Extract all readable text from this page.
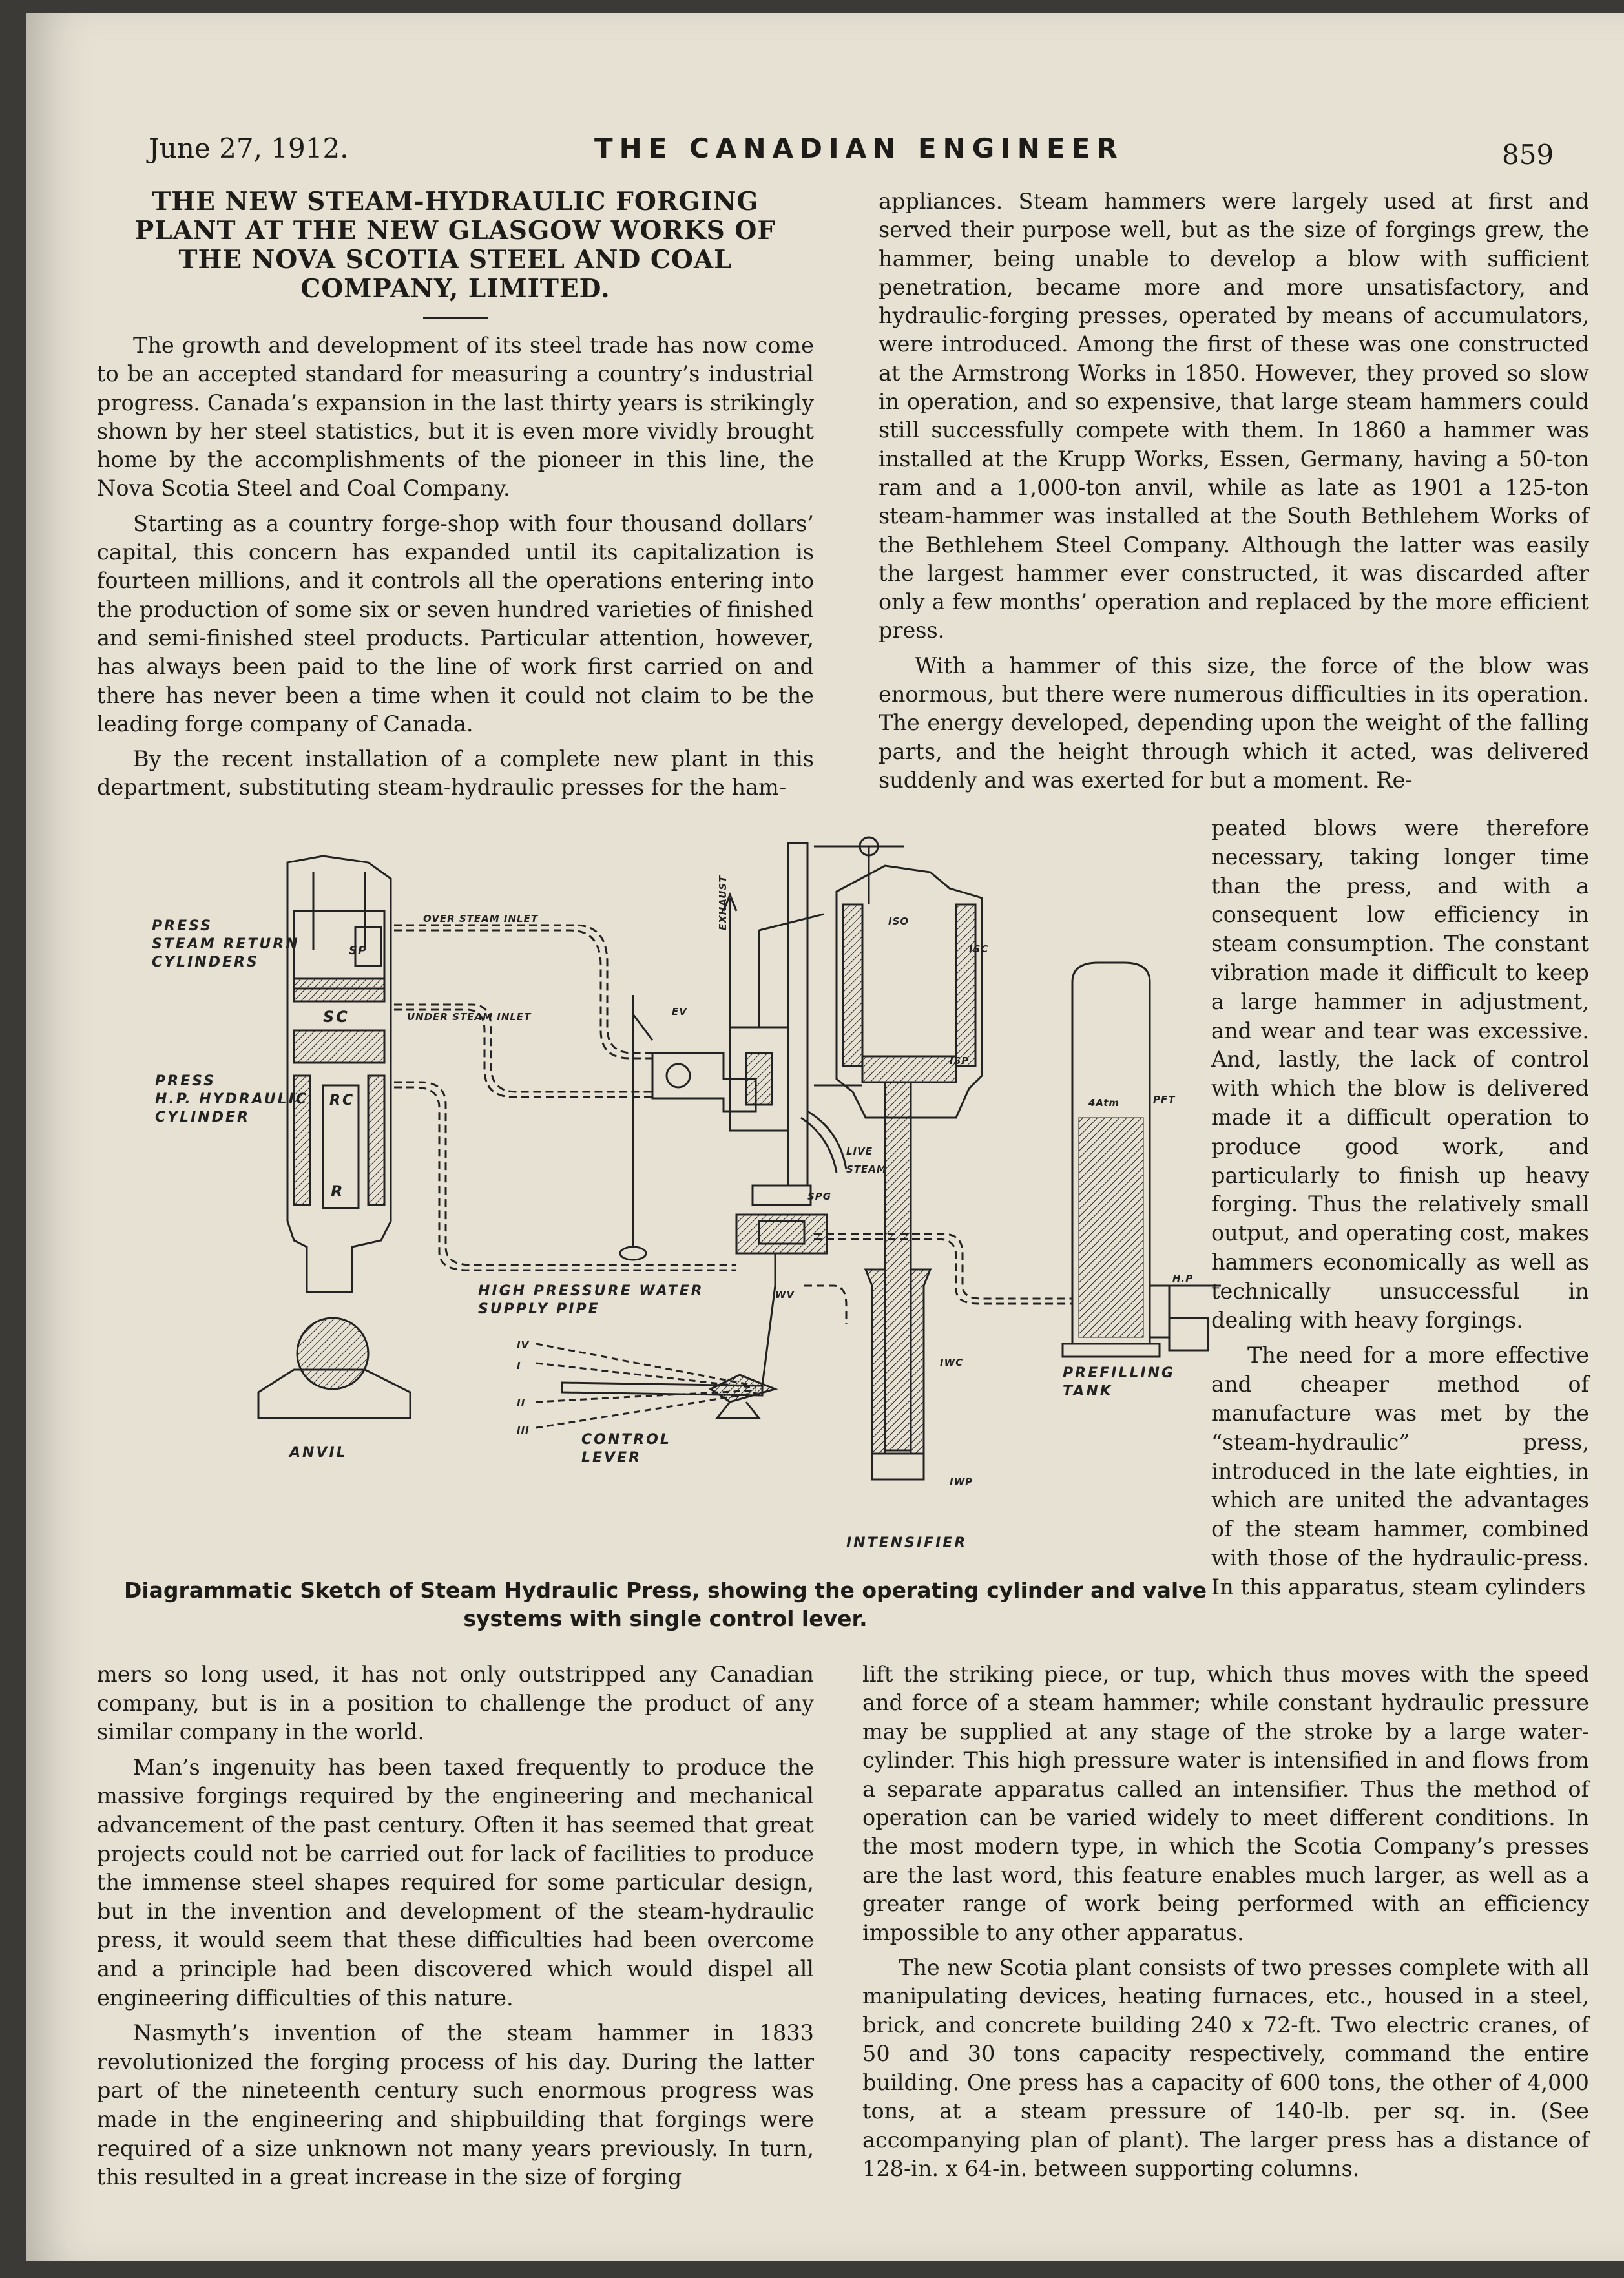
June 27, 1912.	THE CANADIAN ENGINEER	859
THE NEW STEAM-HYDRAULIC FORGING PLANT AT THE NEW GLASGOW WORKS OF THE NOVA SCOTIA STEEL AND COAL COMPANY, LIMITED.

The growth and development of its steel trade has now come to be an accepted standard for measuring a country’s industrial progress. Canada’s expansion in the last thirty years is strikingly shown by her steel statistics, but it is even more vividly brought home by the accomplishments of the pioneer in this line, the Nova Scotia Steel and Coal Company.

Starting as a country forge-shop with four thousand dollars’ capital, this concern has expanded until its capitalization is fourteen millions, and it controls all the operations entering into the production of some six or seven hundred varieties of finished and semi-finished steel products. Particular attention, however, has always been paid to the line of work first carried on and there has never been a time when it could not claim to be the leading forge company of Canada.

By the recent installation of a complete new plant in this department, substituting steam-hydraulic presses for the ham-

appliances. Steam hammers were largely used at first and served their purpose well, but as the size of forgings grew, the hammer, being unable to develop a blow with sufficient penetration, became more and more unsatisfactory, and hydraulic-forging presses, operated by means of accumulators, were introduced. Among the first of these was one constructed at the Armstrong Works in 1850. However, they proved so slow in operation, and so expensive, that large steam hammers could still successfully compete with them. In 1860 a hammer was installed at the Krupp Works, Essen, Germany, having a 50-ton ram and a 1,000-ton anvil, while as late as 1901 a 125-ton steam-hammer was installed at the South Bethlehem Works of the Bethlehem Steel Company. Although the latter was easily the largest hammer ever constructed, it was discarded after only a few months’ operation and replaced by the more efficient press.

With a hammer of this size, the force of the blow was enormous, but there were numerous difficulties in its operation. The energy developed, depending upon the weight of the falling parts, and the height through which it acted, was delivered suddenly and was exerted for but a moment. Re-

peated blows were therefore necessary, taking longer time than the press, and with a consequent low efficiency in steam consumption. The constant vibration made it difficult to keep a large hammer in adjustment, and wear and tear was excessive. And, lastly, the lack of control with which the blow is delivered made it a difficult operation to produce good work, and particularly to finish up heavy forging. Thus the relatively small output, and operating cost, makes hammers economically as well as technically unsuccessful in dealing with heavy forgings.

The need for a more effective and cheaper method of manufacture was met by the “steam-hydraulic” press, introduced in the late eighties, in which are united the advantages of the steam hammer, combined with those of the hydraulic-press. In this apparatus, steam cylinders

PRESS
STEAM RETURN
CYLINDERS
PRESS
H.P. HYDRAULIC
CYLINDER
ANVIL
OVER STEAM INLET
UNDER STEAM INLET
SP
SC
RC
R
EXHAUST
EV
HIGH PRESSURE WATER
SUPPLY PIPE
CONTROL
LEVER
IV
I
II
III
LIVE
STEAM
SPG
WV
IWC
IWP
ISC
ISP
ISO
INTENSIFIER
PREFILLING
TANK
4Atm	PFT
H.P
Diagrammatic Sketch of Steam Hydraulic Press, showing the operating cylinder and valve systems with single control lever.

mers so long used, it has not only outstripped any Canadian company, but is in a position to challenge the product of any similar company in the world.

Man’s ingenuity has been taxed frequently to produce the massive forgings required by the engineering and mechanical advancement of the past century. Often it has seemed that great projects could not be carried out for lack of facilities to produce the immense steel shapes required for some particular design, but in the invention and development of the steam-hydraulic press, it would seem that these difficulties had been overcome and a principle had been discovered which would dispel all engineering difficulties of this nature.

Nasmyth’s invention of the steam hammer in 1833 revolutionized the forging process of his day. During the latter part of the nineteenth century such enormous progress was made in the engineering and shipbuilding that forgings were required of a size unknown not many years previously. In turn, this resulted in a great increase in the size of forging

lift the striking piece, or tup, which thus moves with the speed and force of a steam hammer; while constant hydraulic pressure may be supplied at any stage of the stroke by a large water-cylinder. This high pressure water is intensified in and flows from a separate apparatus called an intensifier. Thus the method of operation can be varied widely to meet different conditions. In the most modern type, in which the Scotia Company’s presses are the last word, this feature enables much larger, as well as a greater range of work being performed with an efficiency impossible to any other apparatus.

The new Scotia plant consists of two presses complete with all manipulating devices, heating furnaces, etc., housed in a steel, brick, and concrete building 240 x 72-ft. Two electric cranes, of 50 and 30 tons capacity respectively, command the entire building. One press has a capacity of 600 tons, the other of 4,000 tons, at a steam pressure of 140-lb. per sq. in. (See accompanying plan of plant). The larger press has a distance of 128-in. x 64-in. between supporting columns.
